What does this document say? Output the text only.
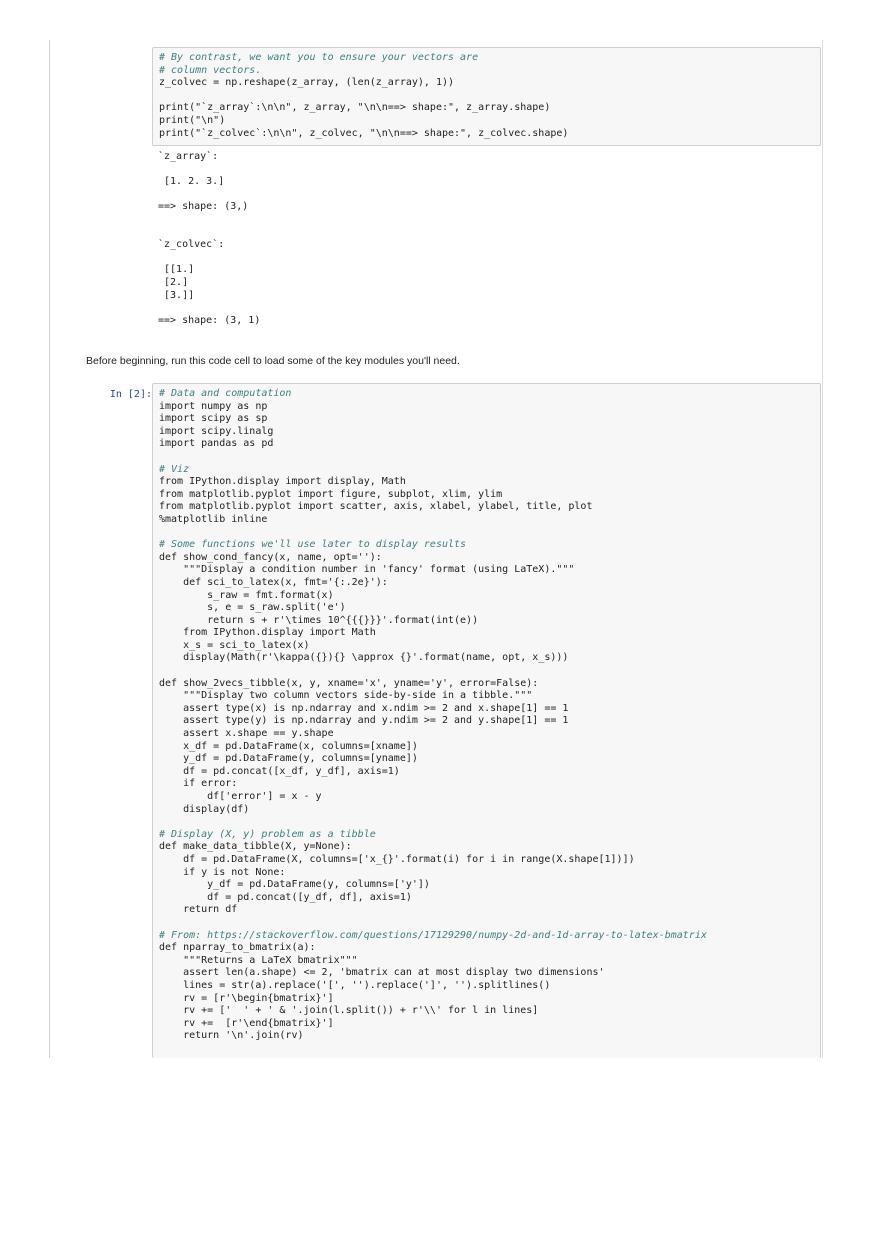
# By contrast, we want you to ensure your vectors are
# column vectors.
z_colvec = np.reshape(z_array, (len(z_array), 1))
print("`z_array`:\n\n", z_array, "\n\n==> shape:", z_array.shape)
print("\n")
print("`z_colvec`:\n\n", z_colvec, "\n\n==> shape:", z_colvec.shape)
`z_array`:
[1. 2. 3.]
==> shape: (3,)
`z_colvec`:
[[1.]
[2.]
[3.]]
==> shape: (3, 1)
Before beginning, run this code cell to load some of the key modules you'll need.
In [2]: # Data and computation
import numpy as np
import scipy as sp
import scipy.linalg
import pandas as pd
# Viz
from IPython.display import display, Math
from matplotlib.pyplot import figure, subplot, xlim, ylim
from matplotlib.pyplot import scatter, axis, xlabel, ylabel, title, plot
%matplotlib inline
# Some functions we'll use later to display results
def show_cond_fancy(x, name, opt=''):
"""Display a condition number in 'fancy' format (using LaTeX)."""
def sci_to_latex(x, fmt='{:.2e}'):
s_raw = fmt.format(x)
s, e = s_raw.split('e')
return s + r'\times 10^{{{}}}'.format(int(e))
from IPython.display import Math
x_s = sci_to_latex(x)
display(Math(r'\kappa({}){} \approx {}'.format(name, opt, x_s)))
def show_2vecs_tibble(x, y, xname='x', yname='y', error=False):
"""Display two column vectors side-by-side in a tibble."""
assert type(x) is np.ndarray and x.ndim >= 2 and x.shape[1] == 1
assert type(y) is np.ndarray and y.ndim >= 2 and y.shape[1] == 1
assert x.shape == y.shape
x_df = pd.DataFrame(x, columns=[xname])
y_df = pd.DataFrame(y, columns=[yname])
df = pd.concat([x_df, y_df], axis=1)
if error:
df['error'] = x - y
display(df)
# Display (X, y) problem as a tibble
def make_data_tibble(X, y=None):
df = pd.DataFrame(X, columns=['x_{}'.format(i) for i in range(X.shape[1])])
if y is not None:
y_df = pd.DataFrame(y, columns=['y'])
df = pd.concat([y_df, df], axis=1)
return df
# From: https://stackoverflow.com/questions/17129290/numpy-2d-and-1d-array-to-latex-bmatrix
def nparray_to_bmatrix(a):
"""Returns a LaTeX bmatrix"""
assert len(a.shape) <= 2, 'bmatrix can at most display two dimensions'
lines = str(a).replace('[', '').replace(']', '').splitlines()
rv = [r'\begin{bmatrix}']
rv += ['  ' + ' & '.join(l.split()) + r'\\' for l in lines]
rv +=  [r'\end{bmatrix}']
return '\n'.join(rv)
